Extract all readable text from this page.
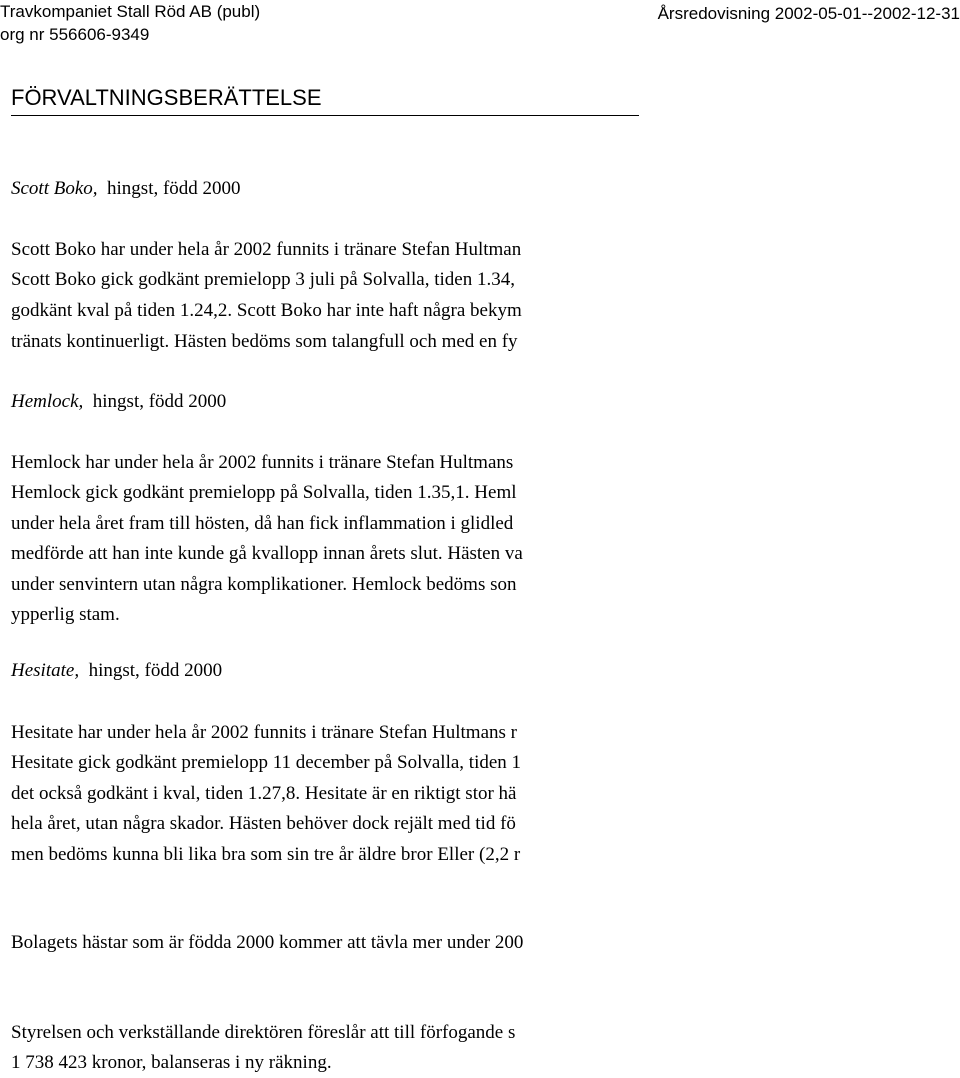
Travkompaniet Stall Röd AB (publ)
org nr 556606-9349
Årsredovisning 2002-05-01--2002-12-31
FÖRVALTNINGSBERÄTTELSE
Scott Boko, hingst, född 2000
Scott Boko har under hela år 2002 funnits i tränare Stefan Hultman
Scott Boko gick godkänt premielopp 3 juli på Solvalla, tiden 1.34,
godkänt kval på tiden 1.24,2. Scott Boko har inte haft några bekym
tränats kontinuerligt. Hästen bedöms som talangfull och med en fy
Hemlock, hingst, född 2000
Hemlock har under hela år 2002 funnits i tränare Stefan Hultmans
Hemlock gick godkänt premielopp på Solvalla, tiden 1.35,1. Heml
under hela året fram till hösten, då han fick inflammation i glidled
medförde att han inte kunde gå kvallopp innan årets slut. Hästen va
under senvintern utan några komplikationer. Hemlock bedöms son
ypperlig stam.
Hesitate, hingst, född 2000
Hesitate har under hela år 2002 funnits i tränare Stefan Hultmans r
Hesitate gick godkänt premielopp 11 december på Solvalla, tiden 1
det också godkänt i kval, tiden 1.27,8. Hesitate är en riktigt stor hä
hela året, utan några skador. Hästen behöver dock rejält med tid fö
men bedöms kunna bli lika bra som sin tre år äldre bror Eller (2,2 r
Bolagets hästar som är födda 2000 kommer att tävla mer under 200
Styrelsen och verkställande direktören föreslår att till förfogande s
1 738 423 kronor, balanseras i ny räkning.
